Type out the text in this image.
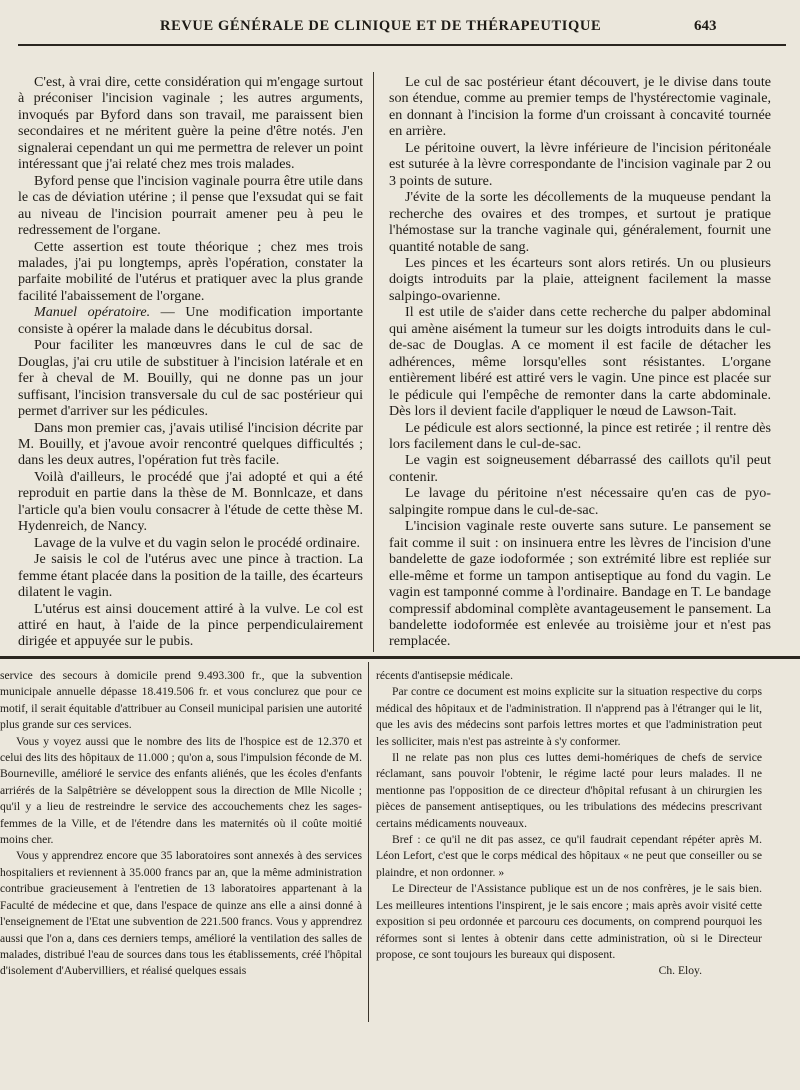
REVUE GÉNÉRALE DE CLINIQUE ET DE THÉRAPEUTIQUE	643

C'est, à vrai dire, cette considération qui m'engage surtout à préconiser l'incision vaginale ; les autres arguments, invoqués par Byford dans son travail, me paraissent bien secondaires et ne méritent guère la peine d'être notés. J'en signalerai cependant un qui me permettra de relever un point intéressant que j'ai relaté chez mes trois malades.

Byford pense que l'incision vaginale pourra être utile dans le cas de déviation utérine ; il pense que l'exsudat qui se fait au niveau de l'incision pourrait amener peu à peu le redressement de l'organe.

Cette assertion est toute théorique ; chez mes trois malades, j'ai pu longtemps, après l'opération, constater la parfaite mobilité de l'utérus et pratiquer avec la plus grande facilité l'abaissement de l'organe.

Manuel opératoire. — Une modification importante consiste à opérer la malade dans le décubitus dorsal.

Pour faciliter les manœuvres dans le cul de sac de Douglas, j'ai cru utile de substituer à l'incision latérale et en fer à cheval de M. Bouilly, qui ne donne pas un jour suffisant, l'incision transversale du cul de sac postérieur qui permet d'arriver sur les pédicules.

Dans mon premier cas, j'avais utilisé l'incision décrite par M. Bouilly, et j'avoue avoir rencontré quelques difficultés ; dans les deux autres, l'opération fut très facile.

Voilà d'ailleurs, le procédé que j'ai adopté et qui a été reproduit en partie dans la thèse de M. Bonnlcaze, et dans l'article qu'a bien voulu consacrer à l'étude de cette thèse M. Hydenreich, de Nancy.

Lavage de la vulve et du vagin selon le procédé ordinaire.

Je saisis le col de l'utérus avec une pince à traction. La femme étant placée dans la position de la taille, des écarteurs dilatent le vagin.

L'utérus est ainsi doucement attiré à la vulve. Le col est attiré en haut, à l'aide de la pince perpendiculairement dirigée et appuyée sur le pubis.

Le cul de sac postérieur étant découvert, je le divise dans toute son étendue, comme au premier temps de l'hystérectomie vaginale, en donnant à l'incision la forme d'un croissant à concavité tournée en arrière.

Le péritoine ouvert, la lèvre inférieure de l'incision péritonéale est suturée à la lèvre correspondante de l'incision vaginale par 2 ou 3 points de suture.

J'évite de la sorte les décollements de la muqueuse pendant la recherche des ovaires et des trompes, et surtout je pratique l'hémostase sur la tranche vaginale qui, généralement, fournit une quantité notable de sang.

Les pinces et les écarteurs sont alors retirés. Un ou plusieurs doigts introduits par la plaie, atteignent facilement la masse salpingo-ovarienne.

Il est utile de s'aider dans cette recherche du palper abdominal qui amène aisément la tumeur sur les doigts introduits dans le cul-de-sac de Douglas. A ce moment il est facile de détacher les adhérences, même lorsqu'elles sont résistantes. L'organe entièrement libéré est attiré vers le vagin. Une pince est placée sur le pédicule qui l'empêche de remonter dans la carte abdominale. Dès lors il devient facile d'appliquer le nœud de Lawson-Tait.

Le pédicule est alors sectionné, la pince est retirée ; il rentre dès lors facilement dans le cul-de-sac.

Le vagin est soigneusement débarrassé des caillots qu'il peut contenir.

Le lavage du péritoine n'est nécessaire qu'en cas de pyo-salpingite rompue dans le cul-de-sac.

L'incision vaginale reste ouverte sans suture. Le pansement se fait comme il suit : on insinuera entre les lèvres de l'incision d'une bandelette de gaze iodoformée ; son extrémité libre est repliée sur elle-même et forme un tampon antiseptique au fond du vagin. Le vagin est tamponné comme à l'ordinaire. Bandage en T. Le bandage compressif abdominal complète avantageusement le pansement. La bandelette iodoformée est enlevée au troisième jour et n'est pas remplacée.

service des secours à domicile prend 9.493.300 fr., que la subvention municipale annuelle dépasse 18.419.506 fr. et vous conclurez que pour ce motif, il serait équitable d'attribuer au Conseil municipal parisien une autorité plus grande sur ces services.

Vous y voyez aussi que le nombre des lits de l'hospice est de 12.370 et celui des lits des hôpitaux de 11.000 ; qu'on a, sous l'impulsion féconde de M. Bourneville, amélioré le service des enfants aliénés, que les écoles d'enfants arriérés de la Salpêtrière se développent sous la direction de Mlle Nicolle ; qu'il y a lieu de restreindre le service des accouchements chez les sages-femmes de la Ville, et de l'étendre dans les maternités où il coûte moitié moins cher.

Vous y apprendrez encore que 35 laboratoires sont annexés à des services hospitaliers et reviennent à 35.000 francs par an, que la même administration contribue gracieusement à l'entretien de 13 laboratoires appartenant à la Faculté de médecine et que, dans l'espace de quinze ans elle a ainsi donné à l'enseignement de l'Etat une subvention de 221.500 francs. Vous y apprendrez aussi que l'on a, dans ces derniers temps, amélioré la ventilation des salles de malades, distribué l'eau de sources dans tous les établissements, créé l'hôpital d'isolement d'Aubervilliers, et réalisé quelques essais

récents d'antisepsie médicale.

Par contre ce document est moins explicite sur la situation respective du corps médical des hôpitaux et de l'administration. Il n'apprend pas à l'étranger qui le lit, que les avis des médecins sont parfois lettres mortes et que l'administration peut les solliciter, mais n'est pas astreinte à s'y conformer.

Il ne relate pas non plus ces luttes demi-homériques de chefs de service réclamant, sans pouvoir l'obtenir, le régime lacté pour leurs malades. Il ne mentionne pas l'opposition de ce directeur d'hôpital refusant à un chirurgien les pièces de pansement antiseptiques, ou les tribulations des médecins prescrivant certains médicaments nouveaux.

Bref : ce qu'il ne dit pas assez, ce qu'il faudrait cependant répéter après M. Léon Lefort, c'est que le corps médical des hôpitaux « ne peut que conseiller ou se plaindre, et non ordonner. »

Le Directeur de l'Assistance publique est un de nos confrères, je le sais bien. Les meilleures intentions l'inspirent, je le sais encore ; mais après avoir visité cette exposition si peu ordonnée et parcouru ces documents, on comprend pourquoi les réformes sont si lentes à obtenir dans cette administration, où si le Directeur propose, ce sont toujours les bureaux qui disposent.

Ch. Eloy.
